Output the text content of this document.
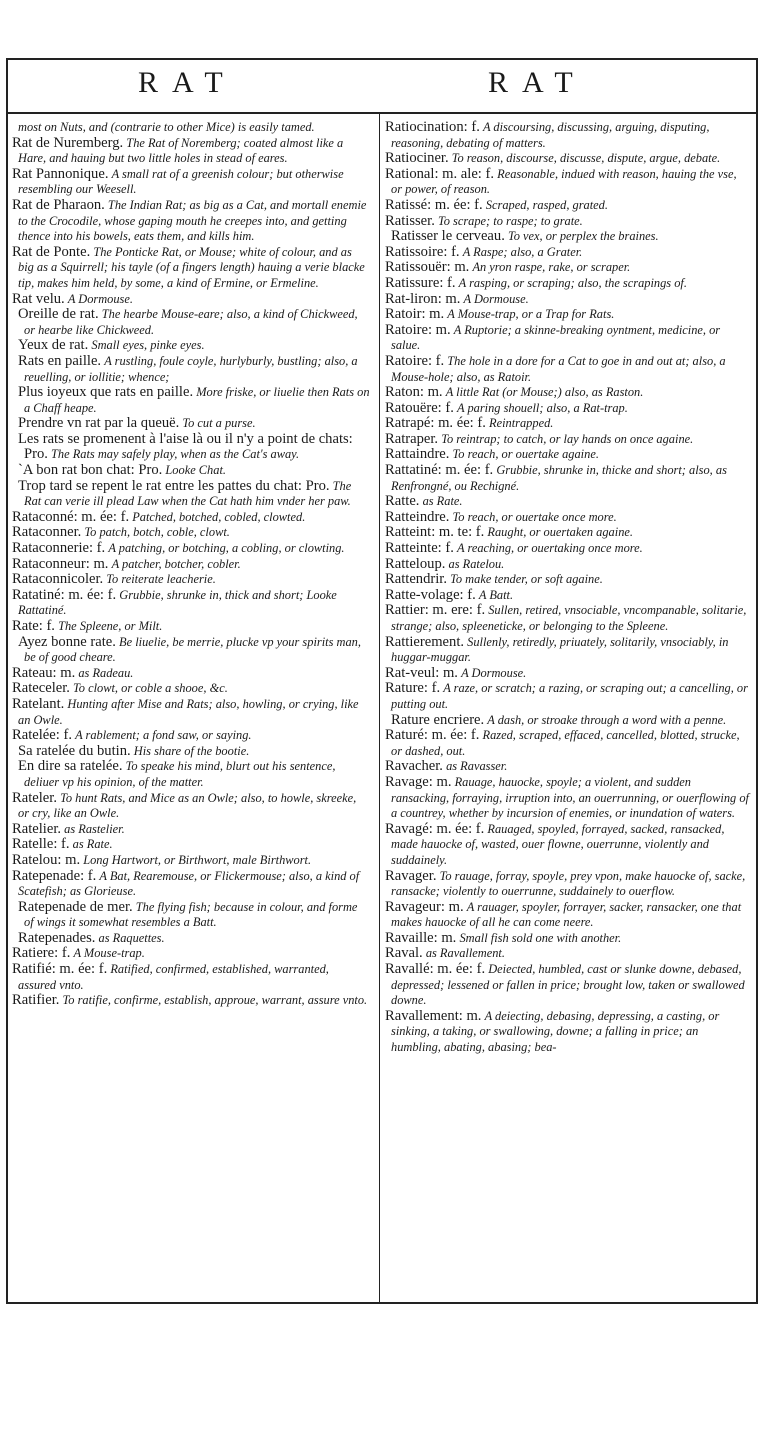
RAT	RAT

most on Nuts, and (contrarie to other Mice) is easily tamed.

Rat de Nuremberg. The Rat of Noremberg; coated almost like a Hare, and hauing but two little holes in stead of eares.

Rat Pannonique. A small rat of a greenish colour; but otherwise resembling our Weesell.

Rat de Pharaon. The Indian Rat; as big as a Cat, and mortall enemie to the Crocodile, whose gaping mouth he creepes into, and getting thence into his bowels, eats them, and kills him.

Rat de Ponte. The Ponticke Rat, or Mouse; white of colour, and as big as a Squirrell; his tayle (of a fingers length) hauing a verie blacke tip, makes him held, by some, a kind of Ermine, or Ermeline.

Rat velu. A Dormouse.

Oreille de rat. The hearbe Mouse-eare; also, a kind of Chickweed, or hearbe like Chickweed.

Yeux de rat. Small eyes, pinke eyes.

Rats en paille. A rustling, foule coyle, hurlyburly, bustling; also, a reuelling, or iollitie; whence;

Plus ioyeux que rats en paille. More friske, or liuelie then Rats on a Chaff heape.

Prendre vn rat par la queuë. To cut a purse.

Les rats se promenent à l'aise là ou il n'y a point de chats: Pro. The Rats may safely play, when as the Cat's away.

`A bon rat bon chat: Pro. Looke Chat.

Trop tard se repent le rat entre les pattes du chat: Pro. The Rat can verie ill plead Law when the Cat hath him vnder her paw.

Rataconné: m. ée: f. Patched, botched, cobled, clowted.

Rataconner. To patch, botch, coble, clowt.

Rataconnerie: f. A patching, or botching, a cobling, or clowting.

Rataconneur: m. A patcher, botcher, cobler.

Rataconnicoler. To reiterate leacherie.

Ratatiné: m. ée: f. Grubbie, shrunke in, thick and short; Looke Rattatiné.

Rate: f. The Spleene, or Milt.

Ayez bonne rate. Be liuelie, be merrie, plucke vp your spirits man, be of good cheare.

Rateau: m. as Radeau.

Rateceler. To clowt, or coble a shooe, &c.

Ratelant. Hunting after Mise and Rats; also, howling, or crying, like an Owle.

Ratelée: f. A rablement; a fond saw, or saying.

Sa ratelée du butin. His share of the bootie.

En dire sa ratelée. To speake his mind, blurt out his sentence, deliuer vp his opinion, of the matter.

Rateler. To hunt Rats, and Mice as an Owle; also, to howle, skreeke, or cry, like an Owle.

Ratelier. as Rastelier.

Ratelle: f. as Rate.

Ratelou: m. Long Hartwort, or Birthwort, male Birthwort.

Ratepenade: f. A Bat, Rearemouse, or Flickermouse; also, a kind of Scatefish; as Glorieuse.

Ratepenade de mer. The flying fish; because in colour, and forme of wings it somewhat resembles a Batt.

Ratepenades. as Raquettes.

Ratiere: f. A Mouse-trap.

Ratifié: m. ée: f. Ratified, confirmed, established, warranted, assured vnto.

Ratifier. To ratifie, confirme, establish, approue, warrant, assure vnto.

Ratiocination: f. A discoursing, discussing, arguing, disputing, reasoning, debating of matters.

Ratiociner. To reason, discourse, discusse, dispute, argue, debate.

Rational: m. ale: f. Reasonable, indued with reason, hauing the vse, or power, of reason.

Ratissé: m. ée: f. Scraped, rasped, grated.

Ratisser. To scrape; to raspe; to grate.

Ratisser le cerveau. To vex, or perplex the braines.

Ratissoire: f. A Raspe; also, a Grater.

Ratissouër: m. An yron raspe, rake, or scraper.

Ratissure: f. A rasping, or scraping; also, the scrapings of.

Rat-liron: m. A Dormouse.

Ratoir: m. A Mouse-trap, or a Trap for Rats.

Ratoire: m. A Ruptorie; a skinne-breaking oyntment, medicine, or salue.

Ratoire: f. The hole in a dore for a Cat to goe in and out at; also, a Mouse-hole; also, as Ratoir.

Raton: m. A little Rat (or Mouse;) also, as Raston.

Ratouëre: f. A paring shouell; also, a Rat-trap.

Ratrapé: m. ée: f. Reintrapped.

Ratraper. To reintrap; to catch, or lay hands on once againe.

Rattaindre. To reach, or ouertake againe.

Rattatiné: m. ée: f. Grubbie, shrunke in, thicke and short; also, as Renfrongné, ou Rechigné.

Ratte. as Rate.

Ratteindre. To reach, or ouertake once more.

Ratteint: m. te: f. Raught, or ouertaken againe.

Ratteinte: f. A reaching, or ouertaking once more.

Ratteloup. as Ratelou.

Rattendrir. To make tender, or soft againe.

Ratte-volage: f. A Batt.

Rattier: m. ere: f. Sullen, retired, vnsociable, vncompanable, solitarie, strange; also, spleeneticke, or belonging to the Spleene.

Rattierement. Sullenly, retiredly, priuately, solitarily, vnsociably, in huggar-muggar.

Rat-veul: m. A Dormouse.

Rature: f. A raze, or scratch; a razing, or scraping out; a cancelling, or putting out.

Rature encriere. A dash, or stroake through a word with a penne.

Raturé: m. ée: f. Razed, scraped, effaced, cancelled, blotted, strucke, or dashed, out.

Ravacher. as Ravasser.

Ravage: m. Rauage, hauocke, spoyle; a violent, and sudden ransacking, forraying, irruption into, an ouerrunning, or ouerflowing of a countrey, whether by incursion of enemies, or inundation of waters.

Ravagé: m. ée: f. Rauaged, spoyled, forrayed, sacked, ransacked, made hauocke of, wasted, ouer flowne, ouerrunne, violently and suddainely.

Ravager. To rauage, forray, spoyle, prey vpon, make hauocke of, sacke, ransacke; violently to ouerrunne, suddainely to ouerflow.

Ravageur: m. A rauager, spoyler, forrayer, sacker, ransacker, one that makes hauocke of all he can come neere.

Ravaille: m. Small fish sold one with another.

Raval. as Ravallement.

Ravallé: m. ée: f. Deiected, humbled, cast or slunke downe, debased, depressed; lessened or fallen in price; brought low, taken or swallowed downe.

Ravallement: m. A deiecting, debasing, depressing, a casting, or sinking, a taking, or swallowing, downe; a falling in price; an humbling, abating, abasing; bea-
